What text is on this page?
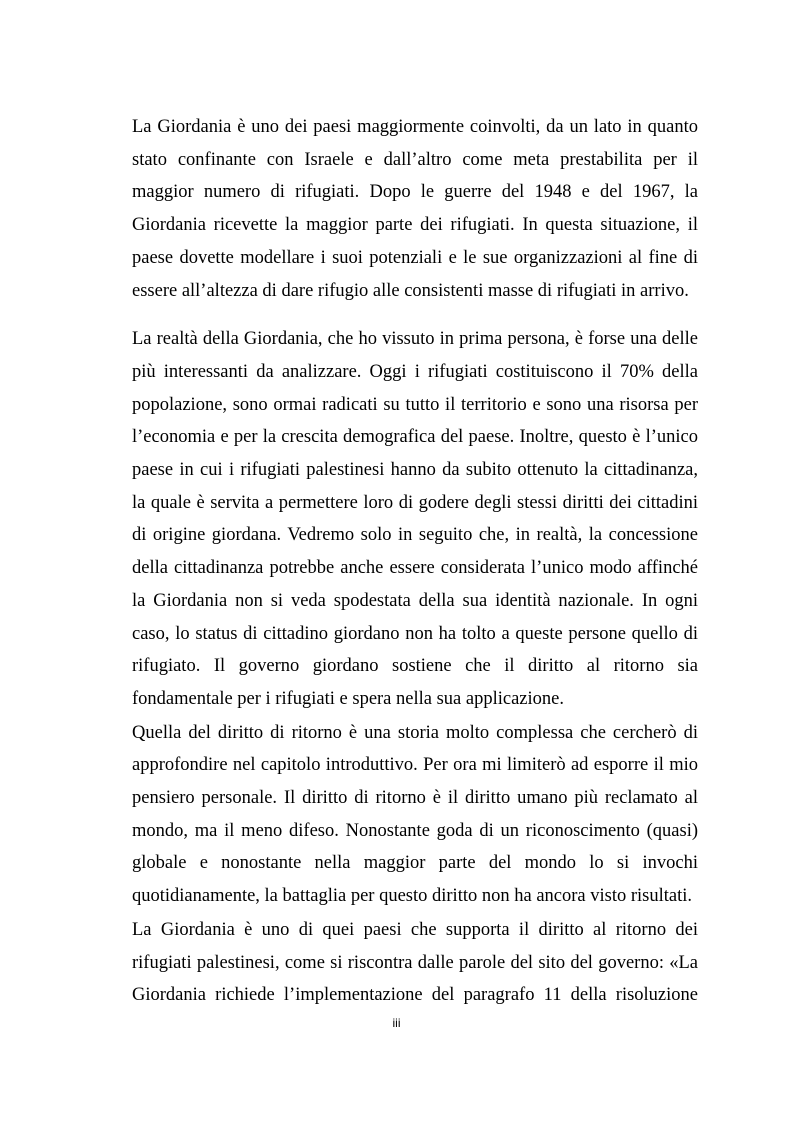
La Giordania è uno dei paesi maggiormente coinvolti, da un lato in quanto
stato confinante con Israele e dall’altro come meta prestabilita per il
maggior numero di rifugiati. Dopo le guerre del 1948 e del 1967, la
Giordania ricevette la maggior parte dei rifugiati. In questa situazione, il
paese dovette modellare i suoi potenziali e le sue organizzazioni al fine di
essere all’altezza di dare rifugio alle consistenti masse di rifugiati in arrivo.

La realtà della Giordania, che ho vissuto in prima persona, è forse una delle
più interessanti da analizzare. Oggi i rifugiati costituiscono il 70% della
popolazione, sono ormai radicati su tutto il territorio e sono una risorsa per
l’economia e per la crescita demografica del paese. Inoltre, questo è l’unico
paese in cui i rifugiati palestinesi hanno da subito ottenuto la cittadinanza,
la quale è servita a permettere loro di godere degli stessi diritti dei cittadini
di origine giordana. Vedremo solo in seguito che, in realtà, la concessione
della cittadinanza potrebbe anche essere considerata l’unico modo affinché
la Giordania non si veda spodestata della sua identità nazionale. In ogni
caso, lo status di cittadino giordano non ha tolto a queste persone quello di
rifugiato. Il governo giordano sostiene che il diritto al ritorno sia
fondamentale per i rifugiati e spera nella sua applicazione.

Quella del diritto di ritorno è una storia molto complessa che cercherò di
approfondire nel capitolo introduttivo. Per ora mi limiterò ad esporre il mio
pensiero personale. Il diritto di ritorno è il diritto umano più reclamato al
mondo, ma il meno difeso. Nonostante goda di un riconoscimento (quasi)
globale e nonostante nella maggior parte del mondo lo si invochi
quotidianamente, la battaglia per questo diritto non ha ancora visto risultati.

La Giordania è uno di quei paesi che supporta il diritto al ritorno dei
rifugiati palestinesi, come si riscontra dalle parole del sito del governo: «La
Giordania richiede l’implementazione del paragrafo 11 della risoluzione

iii
